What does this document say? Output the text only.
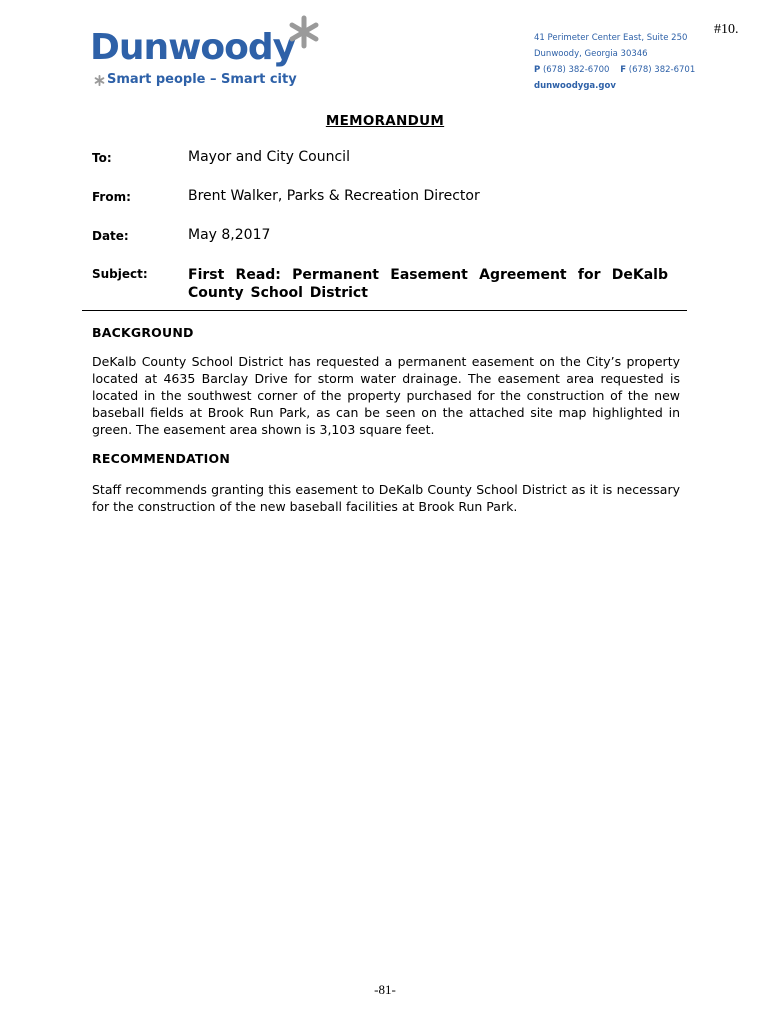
#10.
Dunwoody
Smart people – Smart city
41 Perimeter Center East, Suite 250
Dunwoody, Georgia 30346
P (678) 382-6700 F (678) 382-6701
dunwoodyga.gov
MEMORANDUM
To:	Mayor and City Council
From:	Brent Walker, Parks & Recreation Director
Date:	May 8,2017
Subject:	First Read: Permanent Easement Agreement for DeKalb County School District
BACKGROUND
DeKalb County School District has requested a permanent easement on the City’s property located at 4635 Barclay Drive for storm water drainage. The easement area requested is located in the southwest corner of the property purchased for the construction of the new baseball fields at Brook Run Park, as can be seen on the attached site map highlighted in green. The easement area shown is 3,103 square feet.
RECOMMENDATION
Staff recommends granting this easement to DeKalb County School District as it is necessary for the construction of the new baseball facilities at Brook Run Park.
-81-
